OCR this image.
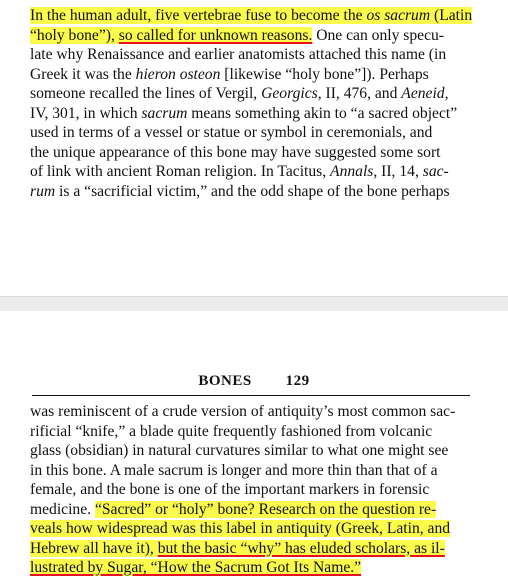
In the human adult, five vertebrae fuse to become the os sacrum (Latin
“holy bone”), so called for unknown reasons. One can only specu-
late why Renaissance and earlier anatomists attached this name (in
Greek it was the hieron osteon [likewise “holy bone”]). Perhaps
someone recalled the lines of Vergil, Georgics, II, 476, and Aeneid,
IV, 301, in which sacrum means something akin to “a sacred object”
used in terms of a vessel or statue or symbol in ceremonials, and
the unique appearance of this bone may have suggested some sort
of link with ancient Roman religion. In Tacitus, Annals, II, 14, sac-
rum is a “sacrificial victim,” and the odd shape of the bone perhaps
BONES 129
was reminiscent of a crude version of antiquity’s most common sac-
rificial “knife,” a blade quite frequently fashioned from volcanic
glass (obsidian) in natural curvatures similar to what one might see
in this bone. A male sacrum is longer and more thin than that of a
female, and the bone is one of the important markers in forensic
medicine. “Sacred” or “holy” bone? Research on the question re-
veals how widespread was this label in antiquity (Greek, Latin, and
Hebrew all have it), but the basic “why” has eluded scholars, as il-
lustrated by Sugar, “How the Sacrum Got Its Name.”
